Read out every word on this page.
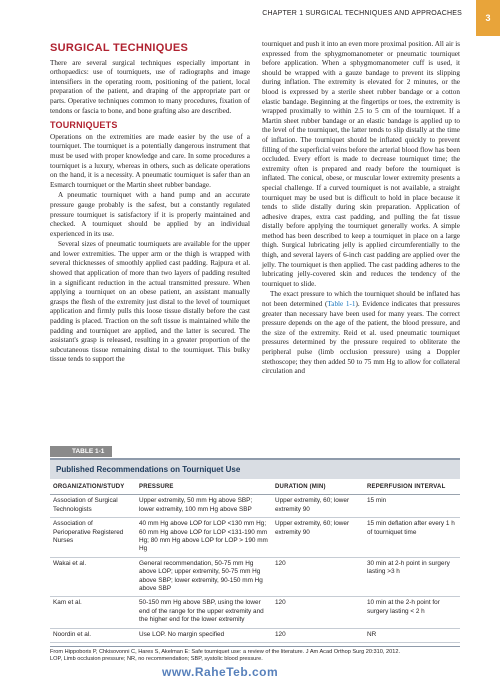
CHAPTER 1 SURGICAL TECHNIQUES AND APPROACHES	3
SURGICAL TECHNIQUES

There are several surgical techniques especially important in orthopaedics: use of tourniquets, use of radiographs and image intensifiers in the operating room, positioning of the patient, local preparation of the patient, and draping of the appropriate part or parts. Operative techniques common to many procedures, fixation of tendons or fascia to bone, and bone grafting also are described.

TOURNIQUETS

Operations on the extremities are made easier by the use of a tourniquet. The tourniquet is a potentially dangerous instrument that must be used with proper knowledge and care. In some procedures a tourniquet is a luxury, whereas in others, such as delicate operations on the hand, it is a necessity. A pneumatic tourniquet is safer than an Esmarch tourniquet or the Martin sheet rubber bandage.

A pneumatic tourniquet with a hand pump and an accurate pressure gauge probably is the safest, but a constantly regulated pressure tourniquet is satisfactory if it is properly maintained and checked. A tourniquet should be applied by an individual experienced in its use.

Several sizes of pneumatic tourniquets are available for the upper and lower extremities. The upper arm or the thigh is wrapped with several thicknesses of smoothly applied cast padding. Rajpura et al. showed that application of more than two layers of padding resulted in a significant reduction in the actual transmitted pressure. When applying a tourniquet on an obese patient, an assistant manually grasps the flesh of the extremity just distal to the level of tourniquet application and firmly pulls this loose tissue distally before the cast padding is placed. Traction on the soft tissue is maintained while the padding and tourniquet are applied, and the latter is secured. The assistant's grasp is released, resulting in a greater proportion of the subcutaneous tissue remaining distal to the tourniquet. This bulky tissue tends to support the

tourniquet and push it into an even more proximal position. All air is expressed from the sphygmomanometer or pneumatic tourniquet before application. When a sphygmomanometer cuff is used, it should be wrapped with a gauze bandage to prevent its slipping during inflation. The extremity is elevated for 2 minutes, or the blood is expressed by a sterile sheet rubber bandage or a cotton elastic bandage. Beginning at the fingertips or toes, the extremity is wrapped proximally to within 2.5 to 5 cm of the tourniquet. If a Martin sheet rubber bandage or an elastic bandage is applied up to the level of the tourniquet, the latter tends to slip distally at the time of inflation. The tourniquet should be inflated quickly to prevent filling of the superficial veins before the arterial blood flow has been occluded. Every effort is made to decrease tourniquet time; the extremity often is prepared and ready before the tourniquet is inflated. The conical, obese, or muscular lower extremity presents a special challenge. If a curved tourniquet is not available, a straight tourniquet may be used but is difficult to hold in place because it tends to slide distally during skin preparation. Application of adhesive drapes, extra cast padding, and pulling the fat tissue distally before applying the tourniquet generally works. A simple method has been described to keep a tourniquet in place on a large thigh. Surgical lubricating jelly is applied circumferentially to the thigh, and several layers of 6-inch cast padding are applied over the jelly. The tourniquet is then applied. The cast padding adheres to the lubricating jelly-covered skin and reduces the tendency of the tourniquet to slide.

The exact pressure to which the tourniquet should be inflated has not been determined (Table 1-1). Evidence indicates that pressures greater than necessary have been used for many years. The correct pressure depends on the age of the patient, the blood pressure, and the size of the extremity. Reid et al. used pneumatic tourniquet pressures determined by the pressure required to obliterate the peripheral pulse (limb occlusion pressure) using a Doppler stethoscope; they then added 50 to 75 mm Hg to allow for collateral circulation and

TABLE 1-1
Published Recommendations on Tourniquet Use
ORGANIZATION/STUDY	PRESSURE	DURATION (MIN)	REPERFUSION INTERVAL
Association of Surgical Technologists	Upper extremity, 50 mm Hg above SBP; lower extremity, 100 mm Hg above SBP	Upper extremity, 60; lower extremity 90	15 min
Association of Perioperative Registered Nurses	40 mm Hg above LOP for LOP <130 mm Hg; 60 mm Hg above LOP for LOP <131-190 mm Hg; 80 mm Hg above LOP for LOP > 190 mm Hg	Upper extremity, 60; lower extremity 90	15 min deflation after every 1 h of tourniquet time
Wakai et al.	General recommendation, 50-75 mm Hg above LOP; upper extremity, 50-75 mm Hg above SBP; lower extremity, 90-150 mm Hg above SBP	120	30 min at 2-h point in surgery lasting >3 h
Kam et al.	50-150 mm Hg above SBP, using the lower end of the range for the upper extremity and the higher end for the lower extremity	120	10 min at the 2-h point for surgery lasting < 2 h
Noordin et al.	Use LOP. No margin specified	120	NR
From Hippoboris P, Chkisovonni C, Hares S, Akelman E: Safe tourniquet use: a review of the literature. J Am Acad Orthop Surg 20:310, 2012.
LOP, Limb occlusion pressure; NR, no recommendation; SBP, systolic blood pressure.
www.RaheTeb.com
